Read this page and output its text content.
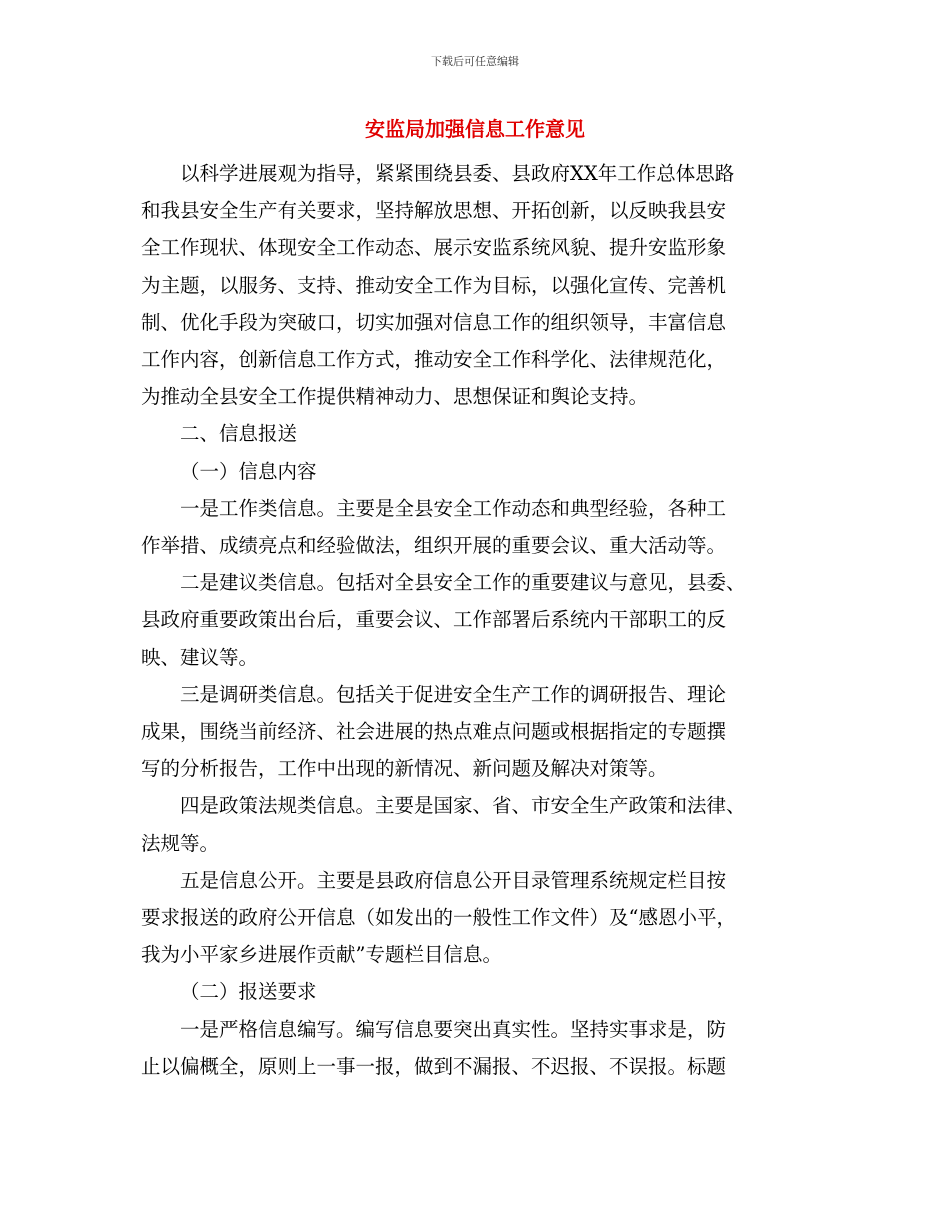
下载后可任意编辑
安监局加强信息工作意见

以科学进展观为指导，紧紧围绕县委、县政府XX年工作总体思路
和我县安全生产有关要求，坚持解放思想、开拓创新，以反映我县安
全工作现状、体现安全工作动态、展示安监系统风貌、提升安监形象
为主题，以服务、支持、推动安全工作为目标，以强化宣传、完善机
制、优化手段为突破口，切实加强对信息工作的组织领导，丰富信息
工作内容，创新信息工作方式，推动安全工作科学化、法律规范化，
为推动全县安全工作提供精神动力、思想保证和舆论支持。

二、信息报送

（一）信息内容

一是工作类信息。主要是全县安全工作动态和典型经验，各种工
作举措、成绩亮点和经验做法，组织开展的重要会议、重大活动等。

二是建议类信息。包括对全县安全工作的重要建议与意见，县委、
县政府重要政策出台后，重要会议、工作部署后系统内干部职工的反
映、建议等。

三是调研类信息。包括关于促进安全生产工作的调研报告、理论
成果，围绕当前经济、社会进展的热点难点问题或根据指定的专题撰
写的分析报告，工作中出现的新情况、新问题及解决对策等。

四是政策法规类信息。主要是国家、省、市安全生产政策和法律、
法规等。

五是信息公开。主要是县政府信息公开目录管理系统规定栏目按
要求报送的政府公开信息（如发出的一般性工作文件）及“感恩小平，
我为小平家乡进展作贡献”专题栏目信息。

（二）报送要求

一是严格信息编写。编写信息要突出真实性。坚持实事求是，防
止以偏概全，原则上一事一报，做到不漏报、不迟报、不误报。标题
